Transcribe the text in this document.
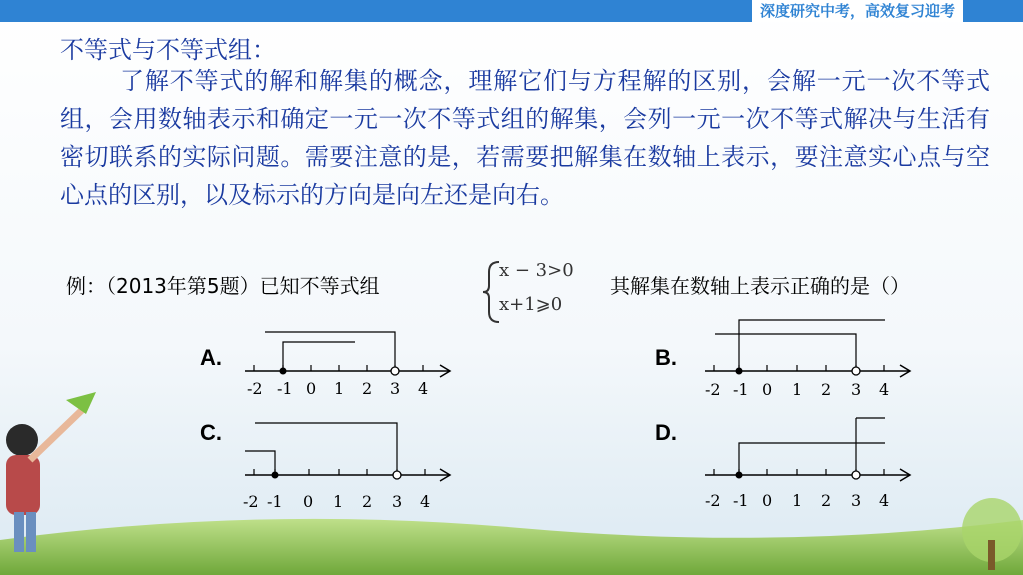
深度研究中考，高效复习迎考
不等式与不等式组：
了解不等式的解和解集的概念，理解它们与方程解的区别，会解一元一次不等式组，会用数轴表示和确定一元一次不等式组的解集，会列一元一次不等式解决与生活有密切联系的实际问题。需要注意的是，若需要把解集在数轴上表示，要注意实心点与空心点的区别，以及标示的方向是向左还是向右。
例：（2013年第5题）已知不等式组	其解集在数轴上表示正确的是（）
x − 3>0
x+1⩾0
A.	B.
C.	D.
-2 -1 0 1 2 3 4	-2 -1 0 1 2 3 4
-2 -1 0 1 2 3 4	-2 -1 0 1 2 3 4
